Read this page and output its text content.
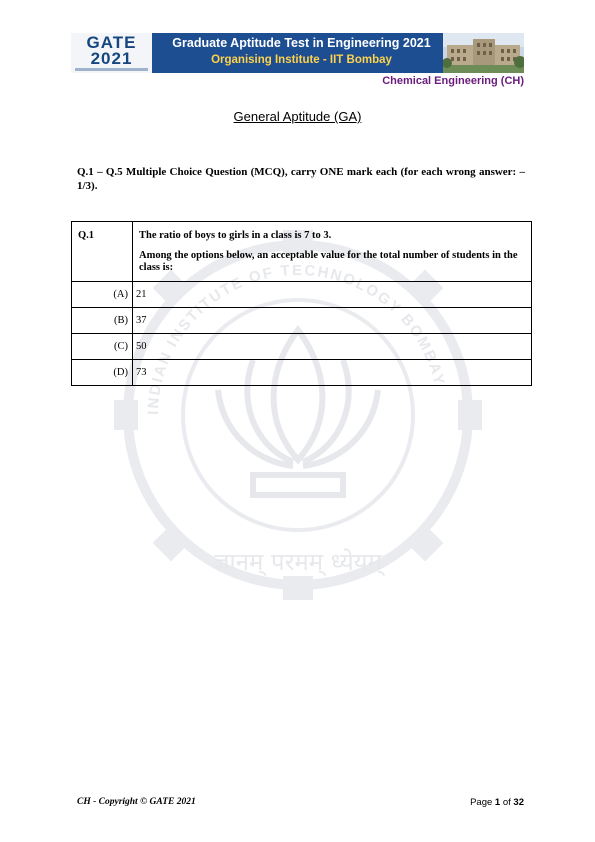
GATE
2021
Graduate Aptitude Test in Engineering 2021
Organising Institute - IIT Bombay
Chemical Engineering (CH)
ज्ञानम् परमम् ध्येयम्
INDIAN INSTITUTE OF TECHNOLOGY BOMBAY
General Aptitude (GA)
Q.1 – Q.5 Multiple Choice Question (MCQ), carry ONE mark each (for each wrong answer: – 1/3).
Q.1	The ratio of boys to girls in a class is 7 to 3.

Among the options below, an acceptable value for the total number of students in the class is:

(A)	21
(B)	37
(C)	50
(D)	73
CH - Copyright © GATE 2021	Page 1 of 32
